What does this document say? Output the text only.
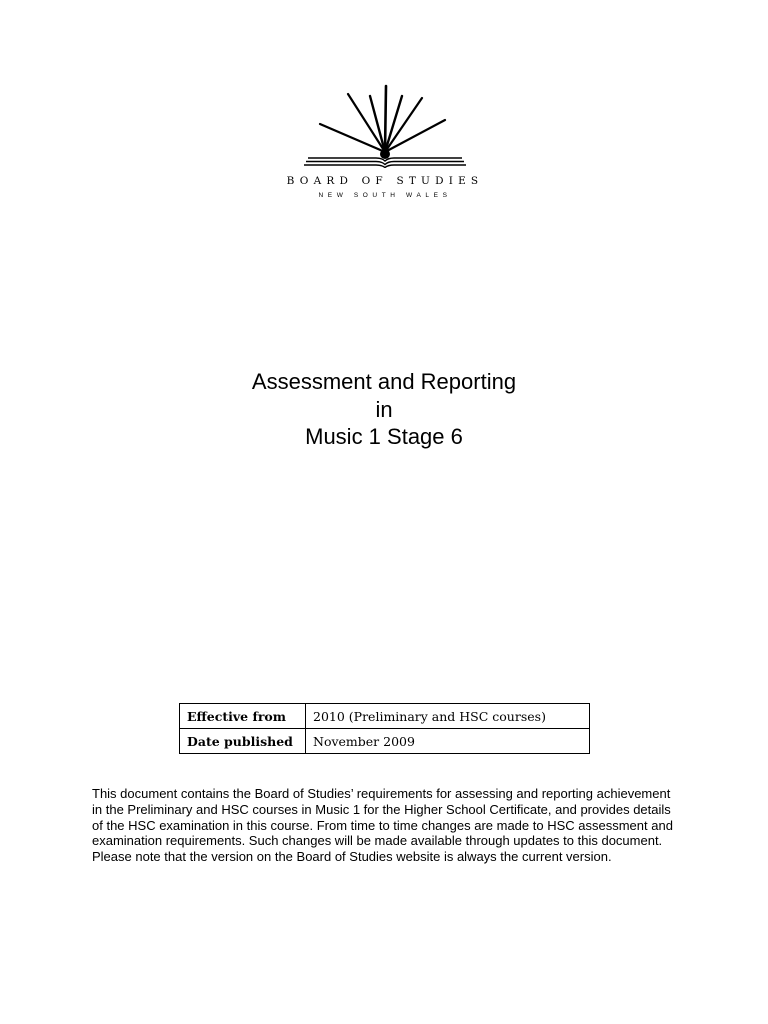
BOARD OF STUDIES
NEW SOUTH WALES
Assessment and Reporting
in
Music 1 Stage 6
Effective from	2010 (Preliminary and HSC courses)
Date published	November 2009

This document contains the Board of Studies’ requirements for assessing and reporting achievement in the Preliminary and HSC courses in Music 1 for the Higher School Certificate, and provides details of the HSC examination in this course. From time to time changes are made to HSC assessment and examination requirements. Such changes will be made available through updates to this document. Please note that the version on the Board of Studies website is always the current version.
